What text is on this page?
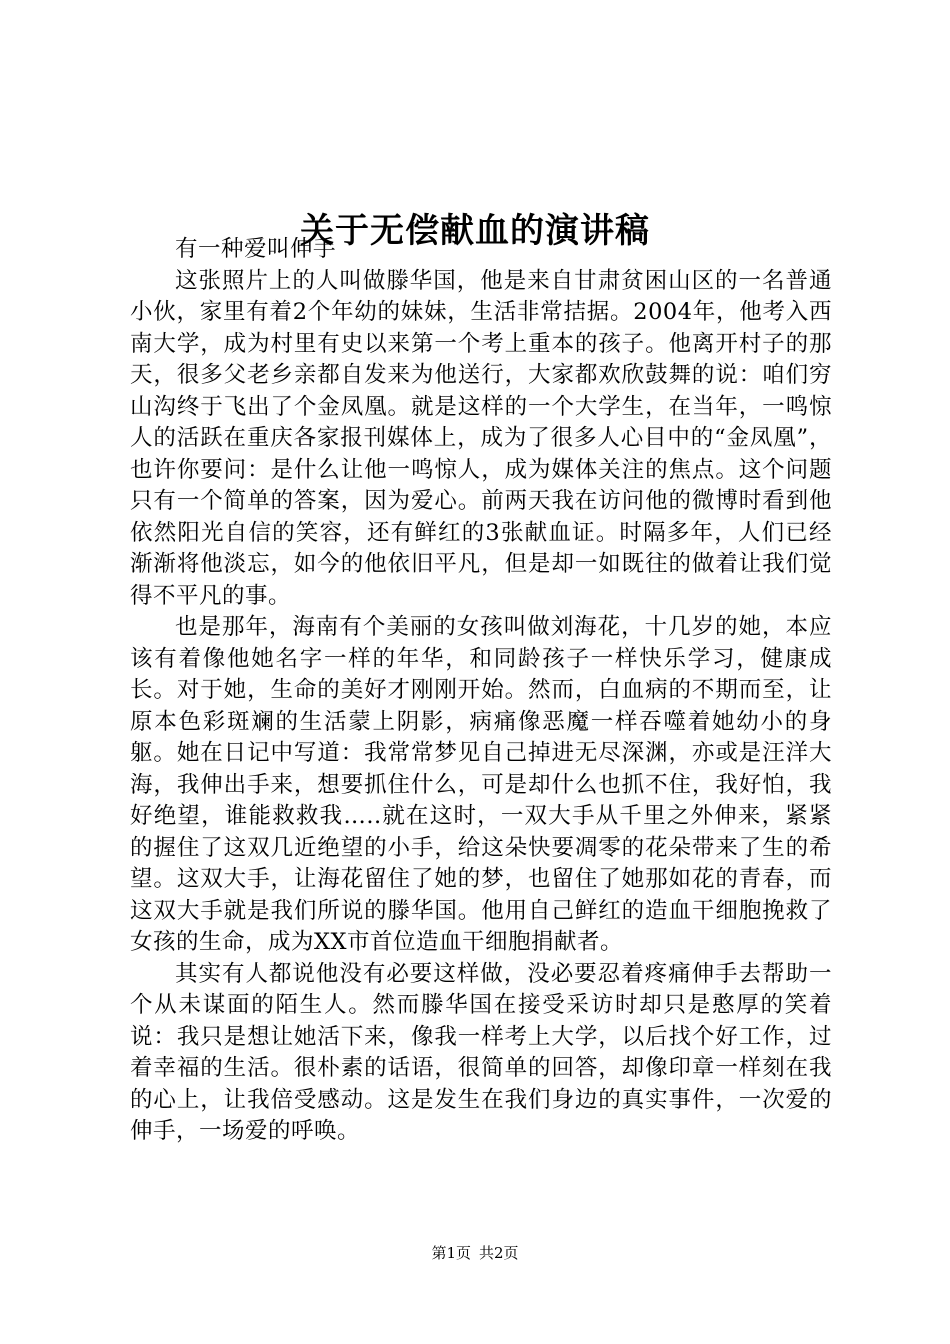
关于无偿献血的演讲稿

有一种爱叫伸手

这张照片上的人叫做滕华国，他是来自甘肃贫困山区的一名普通小伙，家里有着2个年幼的妹妹，生活非常拮据。2004年，他考入西南大学，成为村里有史以来第一个考上重本的孩子。他离开村子的那天，很多父老乡亲都自发来为他送行，大家都欢欣鼓舞的说：咱们穷山沟终于飞出了个金凤凰。就是这样的一个大学生，在当年，一鸣惊人的活跃在重庆各家报刊媒体上，成为了很多人心目中的“金凤凰”，也许你要问：是什么让他一鸣惊人，成为媒体关注的焦点。这个问题只有一个简单的答案，因为爱心。前两天我在访问他的微博时看到他依然阳光自信的笑容，还有鲜红的3张献血证。时隔多年，人们已经渐渐将他淡忘，如今的他依旧平凡，但是却一如既往的做着让我们觉得不平凡的事。

也是那年，海南有个美丽的女孩叫做刘海花，十几岁的她，本应该有着像他她名字一样的年华，和同龄孩子一样快乐学习，健康成长。对于她，生命的美好才刚刚开始。然而，白血病的不期而至，让原本色彩斑斓的生活蒙上阴影，病痛像恶魔一样吞噬着她幼小的身躯。她在日记中写道：我常常梦见自己掉进无尽深渊，亦或是汪洋大海，我伸出手来，想要抓住什么，可是却什么也抓不住，我好怕，我好绝望，谁能救救我…..就在这时，一双大手从千里之外伸来，紧紧的握住了这双几近绝望的小手，给这朵快要凋零的花朵带来了生的希望。这双大手，让海花留住了她的梦，也留住了她那如花的青春，而这双大手就是我们所说的滕华国。他用自己鲜红的造血干细胞挽救了女孩的生命，成为XX市首位造血干细胞捐献者。

其实有人都说他没有必要这样做，没必要忍着疼痛伸手去帮助一个从未谋面的陌生人。然而滕华国在接受采访时却只是憨厚的笑着说：我只是想让她活下来，像我一样考上大学，以后找个好工作，过着幸福的生活。很朴素的话语，很简单的回答，却像印章一样刻在我的心上，让我倍受感动。这是发生在我们身边的真实事件，一次爱的伸手，一场爱的呼唤。

第1页 共2页
